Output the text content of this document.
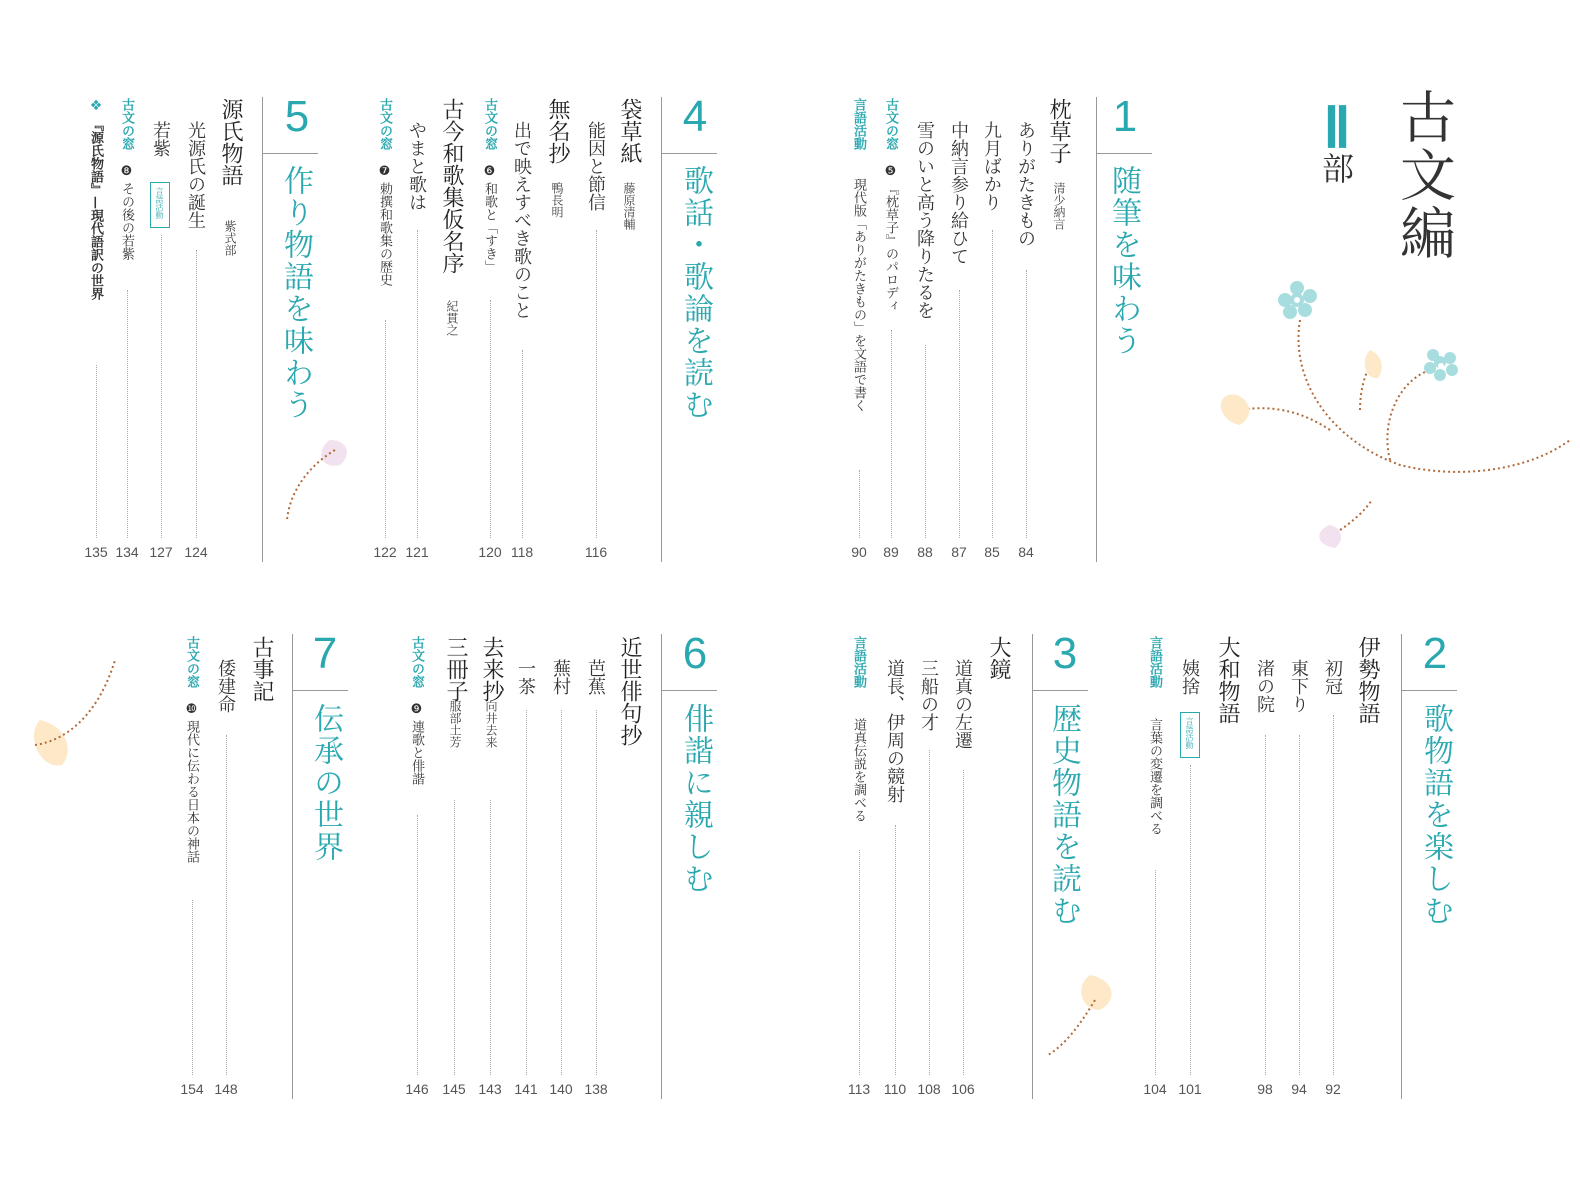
古文編
Ⅱ
部
1
随筆を味わう
枕草子
清少納言
ありがたきもの
84
九月ばかり
85
中納言参り給ひて
87
雪のいと高う降りたるを
88
古文の窓
❺
『枕草子』のパロディ
89
言語活動
現代版「ありがたきもの」を文語で書く
90
4
歌話・歌論を読む
袋草紙
藤原清輔
能因と節信
116
無名抄
鴨長明
出で映えすべき歌のこと
118
古文の窓
❻
和歌と「すき」
120
古今和歌集仮名序
紀貫之
やまと歌は
121
古文の窓
❼
勅撰和歌集の歴史
122
5
作り物語を味わう
源氏物語
紫式部
光源氏の誕生
124
若紫
言語活動
127
古文の窓
❽
その後の若紫
134
❖
『源氏物語』—現代語訳の世界
135
2
歌物語を楽しむ
伊勢物語
初冠
92
東下り
94
渚の院
98
大和物語
姨捨
言語活動
101
言語活動
言葉の変遷を調べる
104
3
歴史物語を読む
大鏡
道真の左遷
106
三船の才
108
道長、伊周の競射
110
言語活動
道真伝説を調べる
113
6
俳諧に親しむ
近世俳句抄
芭蕉
138
蕪村
140
一茶
141
去来抄
向井去来
143
三冊子
服部土芳
145
古文の窓
❾
連歌と俳諧
146
7
伝承の世界
古事記
倭建命
148
古文の窓
❿
現代に伝わる日本の神話
154
